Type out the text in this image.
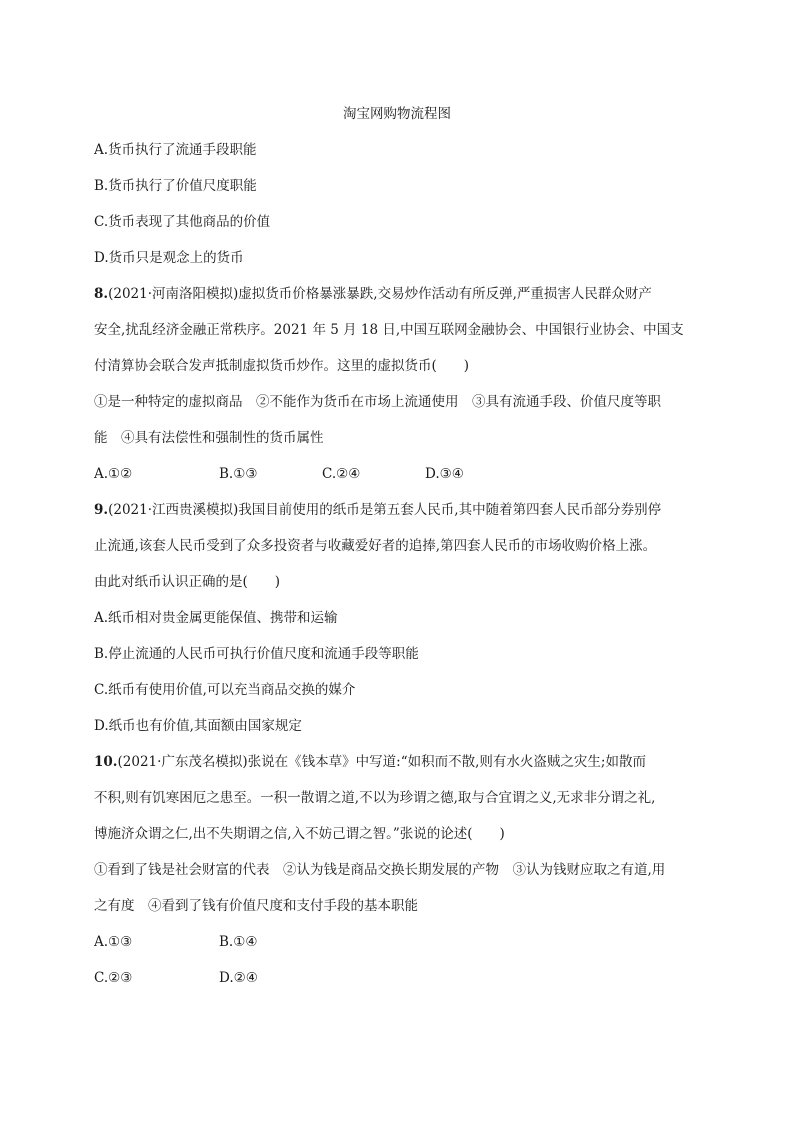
淘宝网购物流程图
A.货币执行了流通手段职能
B.货币执行了价值尺度职能
C.货币表现了其他商品的价值
D.货币只是观念上的货币
8.(2021·河南洛阳模拟)虚拟货币价格暴涨暴跌,交易炒作活动有所反弹,严重损害人民群众财产
安全,扰乱经济金融正常秩序。2021 年 5 月 18 日,中国互联网金融协会、中国银行业协会、中国支
付清算协会联合发声抵制虚拟货币炒作。这里的虚拟货币(　　)
①是一种特定的虚拟商品　②不能作为货币在市场上流通使用　③具有流通手段、价值尺度等职
能　④具有法偿性和强制性的货币属性
A.①②	B.①③	C.②④	D.③④
9.(2021·江西贵溪模拟)我国目前使用的纸币是第五套人民币,其中随着第四套人民币部分券别停
止流通,该套人民币受到了众多投资者与收藏爱好者的追捧,第四套人民币的市场收购价格上涨。
由此对纸币认识正确的是(　　)
A.纸币相对贵金属更能保值、携带和运输
B.停止流通的人民币可执行价值尺度和流通手段等职能
C.纸币有使用价值,可以充当商品交换的媒介
D.纸币也有价值,其面额由国家规定
10.(2021·广东茂名模拟)张说在《钱本草》中写道:“如积而不散,则有水火盗贼之灾生;如散而
不积,则有饥寒困厄之患至。一积一散谓之道,不以为珍谓之德,取与合宜谓之义,无求非分谓之礼,
博施济众谓之仁,出不失期谓之信,入不妨己谓之智。”张说的论述(　　)
①看到了钱是社会财富的代表　②认为钱是商品交换长期发展的产物　③认为钱财应取之有道,用
之有度　④看到了钱有价值尺度和支付手段的基本职能
A.①③	B.①④
C.②③	D.②④
